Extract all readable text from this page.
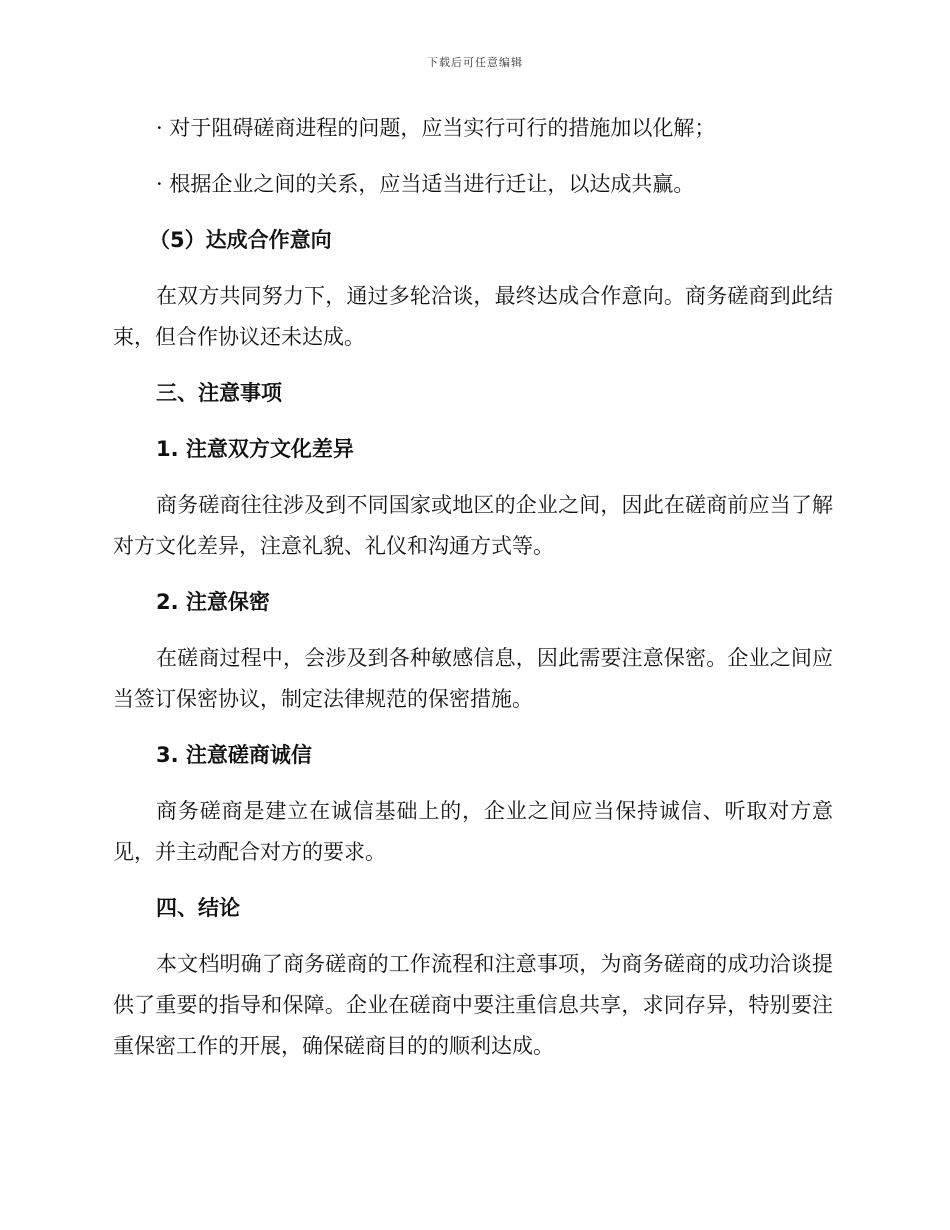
下载后可任意编辑

· 对于阻碍磋商进程的问题，应当实行可行的措施加以化解；

· 根据企业之间的关系，应当适当进行迁让，以达成共赢。

（5）达成合作意向

在双方共同努力下，通过多轮洽谈，最终达成合作意向。商务磋商到此结束，但合作协议还未达成。

三、注意事项

1. 注意双方文化差异

商务磋商往往涉及到不同国家或地区的企业之间，因此在磋商前应当了解对方文化差异，注意礼貌、礼仪和沟通方式等。

2. 注意保密

在磋商过程中，会涉及到各种敏感信息，因此需要注意保密。企业之间应当签订保密协议，制定法律规范的保密措施。

3. 注意磋商诚信

商务磋商是建立在诚信基础上的，企业之间应当保持诚信、听取对方意见，并主动配合对方的要求。

四、结论

本文档明确了商务磋商的工作流程和注意事项，为商务磋商的成功洽谈提供了重要的指导和保障。企业在磋商中要注重信息共享，求同存异，特别要注重保密工作的开展，确保磋商目的的顺利达成。
